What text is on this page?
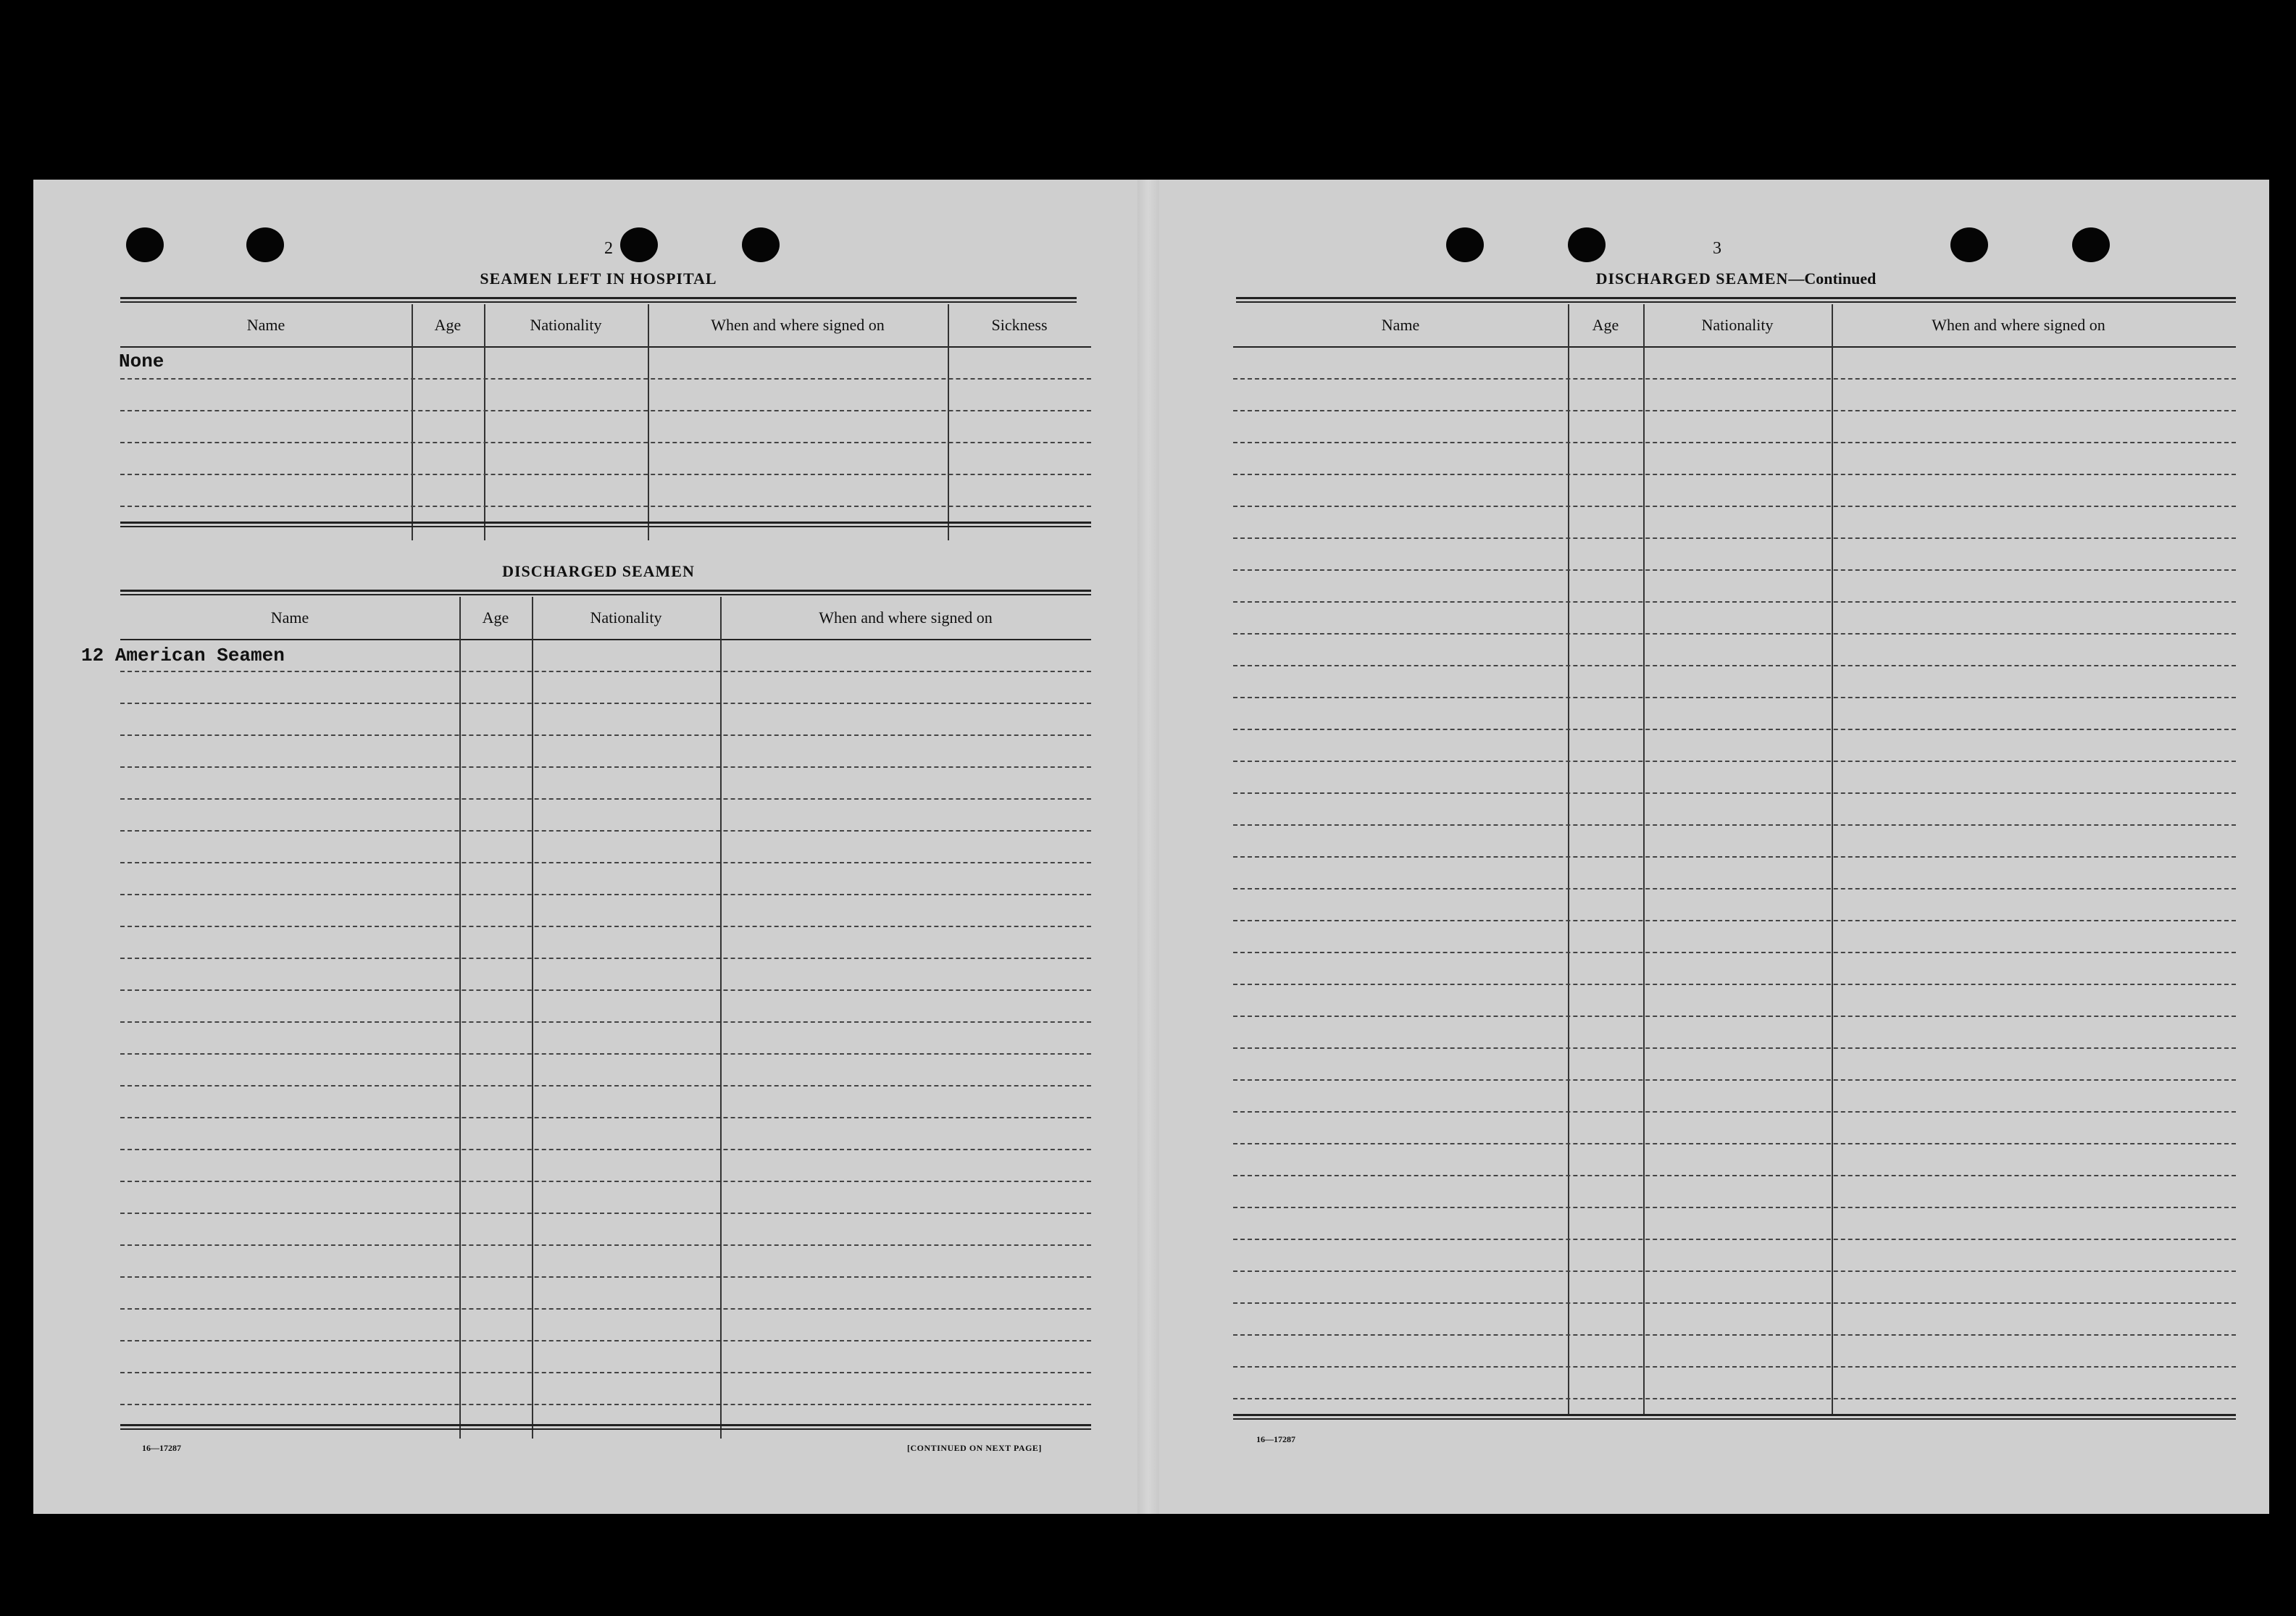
2
SEAMEN LEFT IN HOSPITAL
Name	Age	Nationality	When and where signed on	Sickness
None
DISCHARGED SEAMEN
Name	Age	Nationality	When and where signed on
12 American Seamen
16—17287	[CONTINUED ON NEXT PAGE]
3
DISCHARGED SEAMEN—Continued
Name	Age	Nationality	When and where signed on
16—17287
